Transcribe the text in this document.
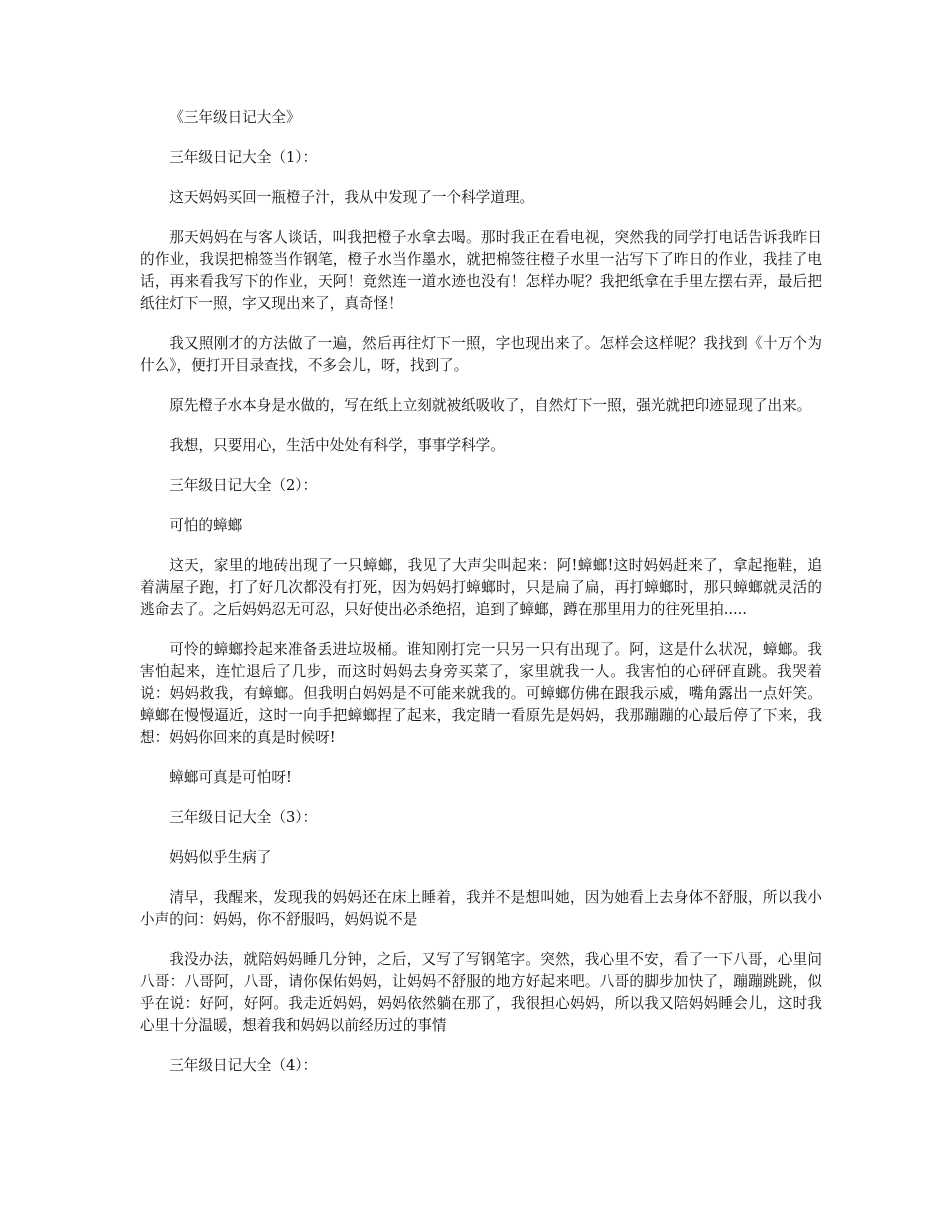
《三年级日记大全》

三年级日记大全（1）：

这天妈妈买回一瓶橙子汁，我从中发现了一个科学道理。

那天妈妈在与客人谈话，叫我把橙子水拿去喝。那时我正在看电视，突然我的同学打电话告诉我昨日的作业，我误把棉签当作钢笔，橙子水当作墨水，就把棉签往橙子水里一沾写下了昨日的作业，我挂了电话，再来看我写下的作业，天阿！竟然连一道水迹也没有！怎样办呢？我把纸拿在手里左摆右弄，最后把纸往灯下一照，字又现出来了，真奇怪！

我又照刚才的方法做了一遍，然后再往灯下一照，字也现出来了。怎样会这样呢？我找到《十万个为什么》，便打开目录查找，不多会儿，呀，找到了。

原先橙子水本身是水做的，写在纸上立刻就被纸吸收了，自然灯下一照，强光就把印迹显现了出来。

我想，只要用心，生活中处处有科学，事事学科学。

三年级日记大全（2）：

可怕的蟑螂

这天，家里的地砖出现了一只蟑螂，我见了大声尖叫起来：阿!蟑螂!这时妈妈赶来了，拿起拖鞋，追着满屋子跑，打了好几次都没有打死，因为妈妈打蟑螂时，只是扁了扁，再打蟑螂时，那只蟑螂就灵活的逃命去了。之后妈妈忍无可忍，只好使出必杀绝招，追到了蟑螂，蹲在那里用力的往死里拍.....

可怜的蟑螂拎起来准备丢进垃圾桶。谁知刚打完一只另一只有出现了。阿，这是什么状况，蟑螂。我害怕起来，连忙退后了几步，而这时妈妈去身旁买菜了，家里就我一人。我害怕的心砰砰直跳。我哭着说：妈妈救我，有蟑螂。但我明白妈妈是不可能来就我的。可蟑螂仿佛在跟我示威，嘴角露出一点奸笑。蟑螂在慢慢逼近，这时一向手把蟑螂捏了起来，我定睛一看原先是妈妈，我那蹦蹦的心最后停了下来，我想：妈妈你回来的真是时候呀!

蟑螂可真是可怕呀!

三年级日记大全（3）：

妈妈似乎生病了

清早，我醒来，发现我的妈妈还在床上睡着，我并不是想叫她，因为她看上去身体不舒服，所以我小小声的问：妈妈，你不舒服吗，妈妈说不是

我没办法，就陪妈妈睡几分钟，之后，又写了写钢笔字。突然，我心里不安，看了一下八哥，心里问八哥：八哥阿，八哥，请你保佑妈妈，让妈妈不舒服的地方好起来吧。八哥的脚步加快了，蹦蹦跳跳，似乎在说：好阿，好阿。我走近妈妈，妈妈依然躺在那了，我很担心妈妈，所以我又陪妈妈睡会儿，这时我心里十分温暖，想着我和妈妈以前经历过的事情

三年级日记大全（4）：
